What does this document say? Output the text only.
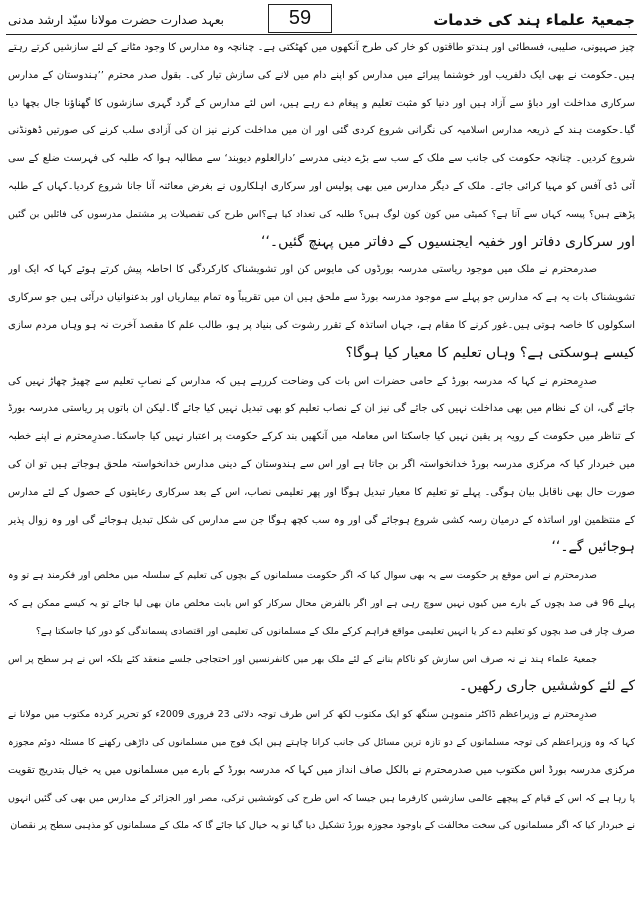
جمعیۃ علماء ہند کی خدمات
59
بعہد صدارت حضرت مولانا سیّد ارشد مدنی
چیز صہیونی، صلیبی، فسطائی اور ہندتو طاقتوں کو خار کی طرح آنکھوں میں کھٹکتی ہے۔ چنانچہ وہ مدارس کا وجود مٹانے کے لئے سازشیں کرتے رہتے
ہیں۔حکومت نے بھی ایک دلفریب اور خوشنما پیرائے میں مدارس کو اپنے دام میں لانے کی سازش تیار کی۔ بقول صدر محترم ’’ہندوستان کے مدارس
سرکاری مداخلت اور دباؤ سے آزاد ہیں اور دنیا کو مثبت تعلیم و پیغام دے رہے ہیں، اس لئے مدارس کے گرد گہری سازشوں کا گھناؤنا جال بچھا دیا
گیا۔حکومت ہند کے ذریعہ مدارس اسلامیہ کی نگرانی شروع کردی گئی اور ان میں مداخلت کرنے نیز ان کی آزادی سلب کرنے کی صورتیں ڈھونڈنی
شروع کردیں۔ چنانچہ حکومت کی جانب سے ملک کے سب سے بڑے دینی مدرسے ’دارالعلوم دیوبند‘ سے مطالبہ ہوا کہ طلبہ کی فہرست ضلع کے سی
آئی ڈی آفس کو مہیا کرائی جائے۔ ملک کے دیگر مدارس میں بھی پولیس اور سرکاری اہلکاروں نے بغرض معائنہ آنا جانا شروع کردیا۔کہاں کے طلبہ
پڑھتے ہیں؟ پیسہ کہاں سے آتا ہے؟ کمیٹی میں کون کون لوگ ہیں؟ طلبہ کی تعداد کیا ہے؟اس طرح کی تفصیلات پر مشتمل مدرسوں کی فائلیں بن گئیں
اور سرکاری دفاتر اور خفیہ ایجنسیوں کے دفاتر میں پہنچ گئیں۔‘‘
صدرمحترم نے ملک میں موجود ریاستی مدرسہ بورڈوں کی مایوس کن اور تشویشناک کارکردگی کا احاطہ پیش کرتے ہوئے کہا کہ ایک اور
تشویشناک بات یہ ہے کہ مدارس جو پہلے سے موجود مدرسہ بورڈ سے ملحق ہیں ان میں تقریباً وہ تمام بیماریاں اور بدعنوانیاں درآئی ہیں جو سرکاری
اسکولوں کا خاصہ ہوتی ہیں۔غور کرنے کا مقام ہے، جہاں اساتذہ کے تقرر رشوت کی بنیاد پر ہو، طالب علم کا مقصد آخرت نہ ہو وہاں مردم سازی
کیسے ہوسکتی ہے؟ وہاں تعلیم کا معیار کیا ہوگا؟
صدرِمحترم نے کہا کہ مدرسہ بورڈ کے حامی حضرات اس بات کی وضاحت کررہے ہیں کہ مدارس کے نصابِ تعلیم سے چھیڑ چھاڑ نہیں کی
جائے گی، ان کے نظام میں بھی مداخلت نہیں کی جائے گی نیز ان کے نصاب تعلیم کو بھی تبدیل نہیں کیا جائے گا۔لیکن ان باتوں پر ریاستی مدرسہ بورڈ
کے تناظر میں حکومت کے رویہ پر یقین نہیں کیا جاسکتا اس معاملہ میں آنکھیں بند کرکے حکومت پر اعتبار نہیں کیا جاسکتا۔صدرِمحترم نے اپنے خطبہ
میں خبردار کیا کہ مرکزی مدرسہ بورڈ خدانخواستہ اگر بن جاتا ہے اور اس سے ہندوستان کے دینی مدارس خدانخواستہ ملحق ہوجاتے ہیں تو ان کی
صورت حال بھی ناقابل بیان ہوگی۔ پہلے تو تعلیم کا معیار تبدیل ہوگا اور پھر تعلیمی نصاب، اس کے بعد سرکاری رعایتوں کے حصول کے لئے مدارس
کے منتظمین اور اساتذہ کے درمیان رسہ کشی شروع ہوجائے گی اور وہ سب کچھ ہوگا جن سے مدارس کی شکل تبدیل ہوجائے گی اور وہ زوال پذیر
ہوجائیں گے۔‘‘
صدرمحترم نے اس موقع پر حکومت سے یہ بھی سوال کیا کہ اگر حکومت مسلمانوں کے بچوں کی تعلیم کے سلسلہ میں مخلص اور فکرمند ہے تو وہ
پہلے 96 فی صد بچوں کے بارے میں کیوں نہیں سوچ رہی ہے اور اگر بالفرض محال سرکار کو اس بابت مخلص مان بھی لیا جائے تو یہ کیسے ممکن ہے کہ
صرف چار فی صد بچوں کو تعلیم دے کر یا انہیں تعلیمی مواقع فراہم کرکے ملک کے مسلمانوں کی تعلیمی اور اقتصادی پسماندگی کو دور کیا جاسکتا ہے؟
جمعیۃ علماء ہند نے نہ صرف اس سازش کو ناکام بنانے کے لئے ملک بھر میں کانفرنسیں اور احتجاجی جلسے منعقد کئے بلکہ اس نے ہر سطح پر اس
کے لئے کوششیں جاری رکھیں۔
صدرِمحترم نے وزیراعظم ڈاکٹر منموہن سنگھ کو ایک مکتوب لکھ کر اس طرف توجہ دلائی 23 فروری 2009ء کو تحریر کردہ مکتوب میں مولانا نے
کہا کہ وہ وزیراعظم کی توجہ مسلمانوں کے دو تازہ ترین مسائل کی جانب کرانا چاہتے ہیں ایک فوج میں مسلمانوں کی داڑھی رکھنے کا مسئلہ دوئم مجوزہ
مرکزی مدرسہ بورڈ اس مکتوب میں صدرمحترم نے بالکل صاف انداز میں کہا کہ مدرسہ بورڈ کے بارے میں مسلمانوں میں یہ خیال بتدریج تقویت
پا رہا ہے کہ اس کے قیام کے پیچھے عالمی سازشیں کارفرما ہیں جیسا کہ اس طرح کی کوششیں ترکی، مصر اور الجزائر کے مدارس میں بھی کی گئیں انہوں
نے خبردار کیا کہ اگر مسلمانوں کی سخت مخالفت کے باوجود مجوزہ بورڈ تشکیل دیا گیا تو یہ خیال کیا جائے گا کہ ملک کے مسلمانوں کو مذہبی سطح پر نقصان
